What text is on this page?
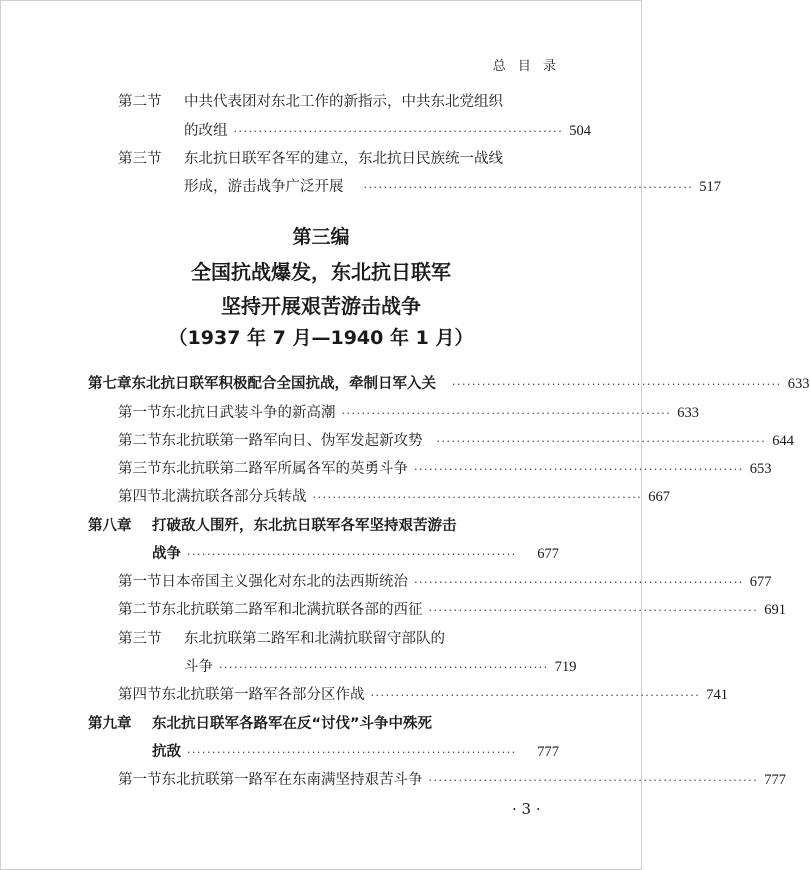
总 目 录
第二节 中共代表团对东北工作的新指示，中共东北党组织
的改组 ·································································· 504
第三节 东北抗日联军各军的建立，东北抗日民族统一战线
形成，游击战争广泛开展 ·································································· 517
第三编
全国抗战爆发，东北抗日联军
坚持开展艰苦游击战争
（1937 年 7 月—1940 年 1 月）
第七章 东北抗日联军积极配合全国抗战，牵制日军入关 ·································································· 633
第一节 东北抗日武装斗争的新高潮 ·································································· 633
第二节 东北抗联第一路军向日、伪军发起新攻势 ·································································· 644
第三节 东北抗联第二路军所属各军的英勇斗争 ·································································· 653
第四节 北满抗联各部分兵转战 ·································································· 667
第八章 打破敌人围歼，东北抗日联军各军坚持艰苦游击
战争 ··································································	677
第一节 日本帝国主义强化对东北的法西斯统治 ·································································· 677
第二节 东北抗联第二路军和北满抗联各部的西征 ·································································· 691
第三节 东北抗联第二路军和北满抗联留守部队的
斗争 ·································································· 719
第四节 东北抗联第一路军各部分区作战 ·································································· 741
第九章 东北抗日联军各路军在反“讨伐”斗争中殊死
抗敌 ··································································	777
第一节 东北抗联第一路军在东南满坚持艰苦斗争 ·································································· 777
· 3 ·
